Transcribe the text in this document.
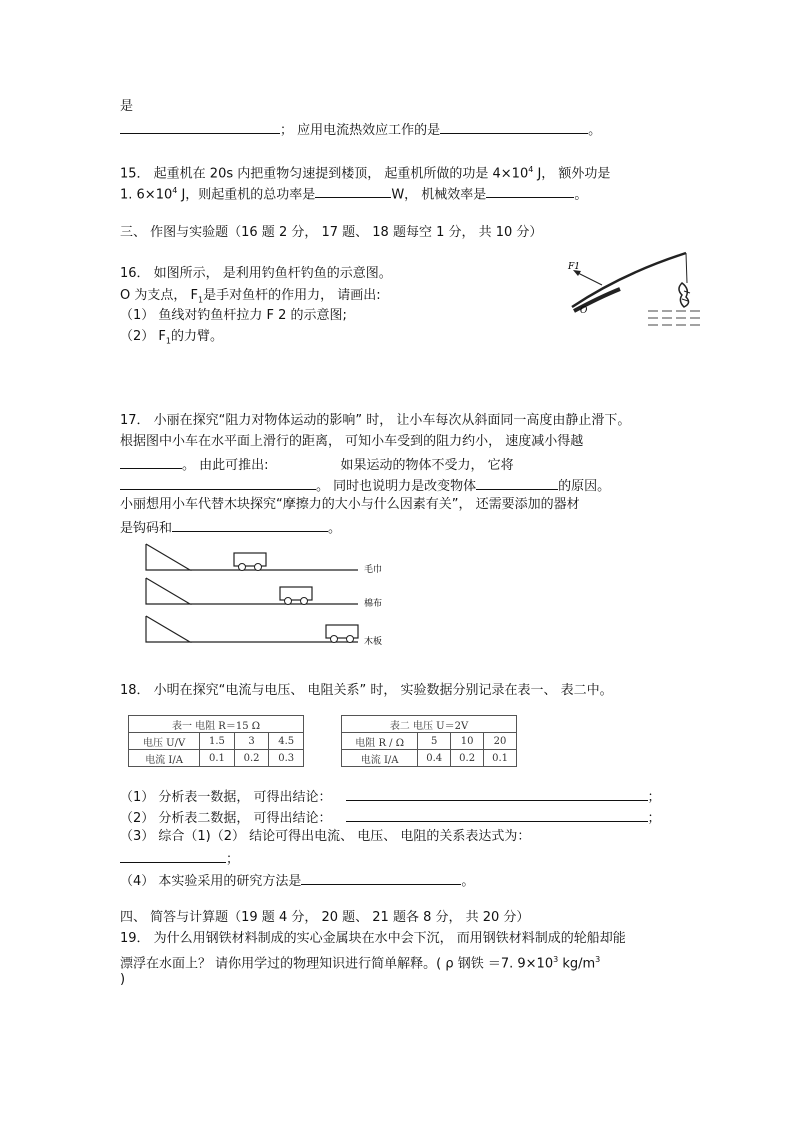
是
； 应用电流热效应工作的是	。
15． 起重机在 20s 内把重物匀速提到楼顶， 起重机所做的功是 $4\times 10^4$ J， 额外功是
1. $6\times 10^4$ J，则起重机的总功率是	W， 机械效率是	。
三、 作图与实验题（16 题 2 分， 17 题、 18 题每空 1 分， 共 10 分）
16． 如图所示， 是利用钓鱼杆钓鱼的示意图。
O 为支点， $F_1$是手对鱼杆的作用力， 请画出:
（1） 鱼线对钓鱼杆拉力 F 2 的示意图;
（2） $F_1$的力臂。
F1
O
17． 小丽在探究“阻力对物体运动的影响” 时， 让小车每次从斜面同一高度由静止滑下。
根据图中小车在水平面上滑行的距离， 可知小车受到的阻力约小， 速度减小得越
。 由此可推出:	如果运动的物体不受力， 它将
。 同时也说明力是改变物体	的原因。
小丽想用小车代替木块探究“摩擦力的大小与什么因素有关”， 还需要添加的器材
是钩码和	。
毛巾
棉布
木板
18． 小明在探究“电流与电压、 电阻关系” 时， 实验数据分别记录在表一、 表二中。
表一 电阻 R＝15 Ω			
电压 U/V	1.5	3	4.5
电流 I/A	0.1	0.2	0.3
表二 电压 U＝2V			
电阻 R / Ω	5	10	20
电流 I/A	0.4	0.2	0.1
（1） 分析表一数据， 可得出结论：	；
（2） 分析表二数据， 可得出结论：	；
（3） 综合（1)（2） 结论可得出电流、 电压、 电阻的关系表达式为：
；
（4） 本实验采用的研究方法是	。
四、 简答与计算题（19 题 4 分， 20 题、 21 题各 8 分， 共 20 分）
19． 为什么用钢铁材料制成的实心金属块在水中会下沉， 而用钢铁材料制成的轮船却能
漂浮在水面上？ 请你用学过的物理知识进行简单解释。( ρ 钢铁 ＝7. $9\times 10^3$ $kg/m^3$
)
